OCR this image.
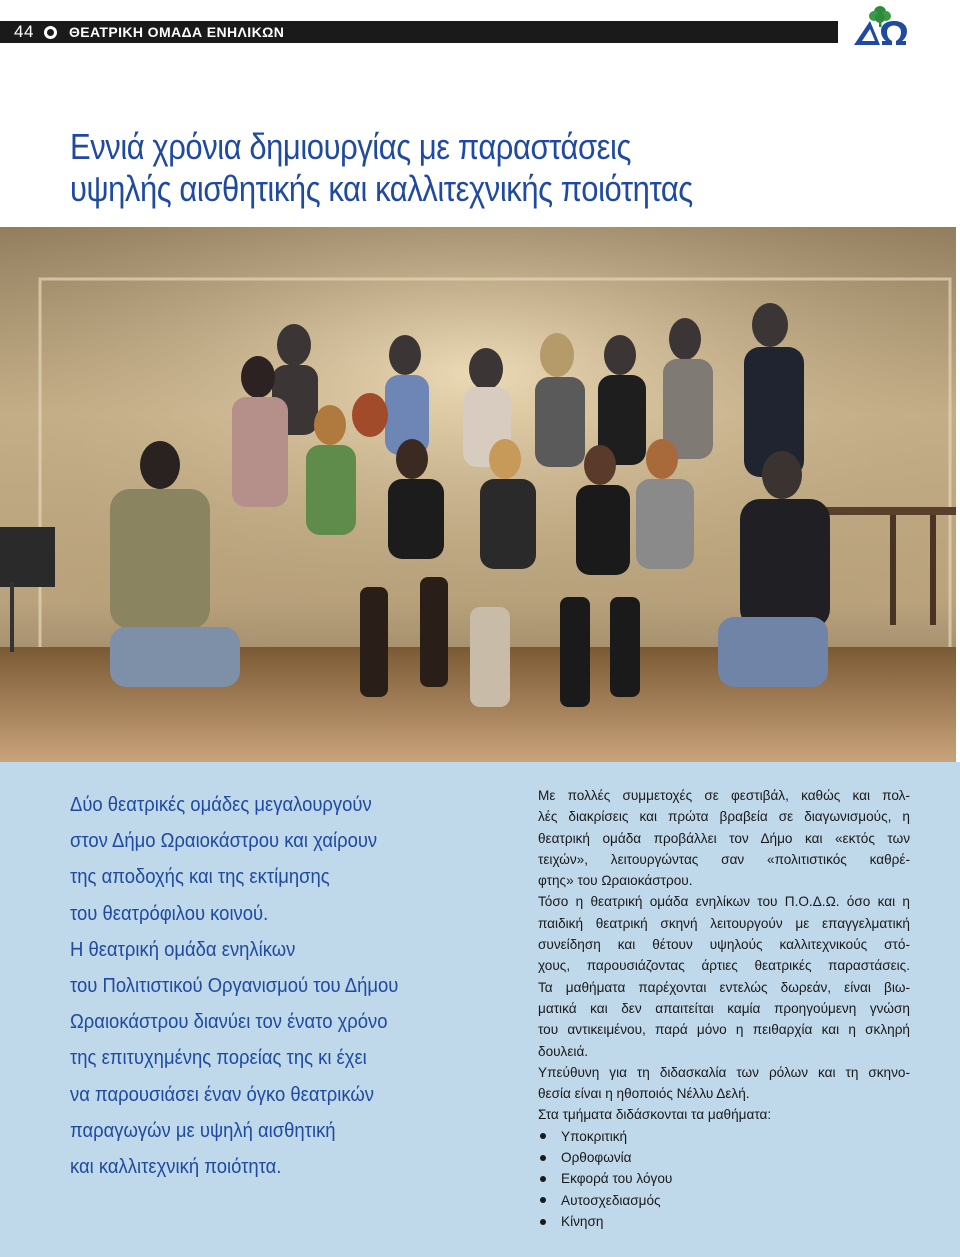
44	ΘΕΑΤΡΙΚΗ ΟΜΑΔΑ ΕΝΗΛΙΚΩΝ
Εννιά χρόνια δημιουργίας με παραστάσεις
υψηλής αισθητικής και καλλιτεχνικής ποιότητας
Δύο θεατρικές ομάδες μεγαλουργούν
στον Δήμο Ωραιοκάστρου και χαίρουν
της αποδοχής και της εκτίμησης
του θεατρόφιλου κοινού.
Η θεατρική ομάδα ενηλίκων
του Πολιτιστικού Οργανισμού του Δήμου
Ωραιοκάστρου διανύει τον ένατο χρόνο
της επιτυχημένης πορείας της κι έχει
να παρουσιάσει έναν όγκο θεατρικών
παραγωγών με υψηλή αισθητική
και καλλιτεχνική ποιότητα.
Με πολλές συμμετοχές σε φεστιβάλ, καθώς και πολ-
λές διακρίσεις και πρώτα βραβεία σε διαγωνισμούς, η
θεατρική ομάδα προβάλλει τον Δήμο και «εκτός των
τειχών», λειτουργώντας σαν «πολιτιστικός καθρέ-
φτης» του Ωραιοκάστρου.
Τόσο η θεατρική ομάδα ενηλίκων του Π.Ο.Δ.Ω. όσο και η
παιδική θεατρική σκηνή λειτουργούν με επαγγελματική
συνείδηση και θέτουν υψηλούς καλλιτεχνικούς στό-
χους, παρουσιάζοντας άρτιες θεατρικές παραστάσεις.
Τα μαθήματα παρέχονται εντελώς δωρεάν, είναι βιω-
ματικά και δεν απαιτείται καμία προηγούμενη γνώση
του αντικειμένου, παρά μόνο η πειθαρχία και η σκληρή
δουλειά.
Υπεύθυνη για τη διδασκαλία των ρόλων και τη σκηνο-
θεσία είναι η ηθοποιός Νέλλυ Δελή.
Στα τμήματα διδάσκονται τα μαθήματα:
Υποκριτική
Ορθοφωνία
Εκφορά του λόγου
Αυτοσχεδιασμός
Κίνηση
